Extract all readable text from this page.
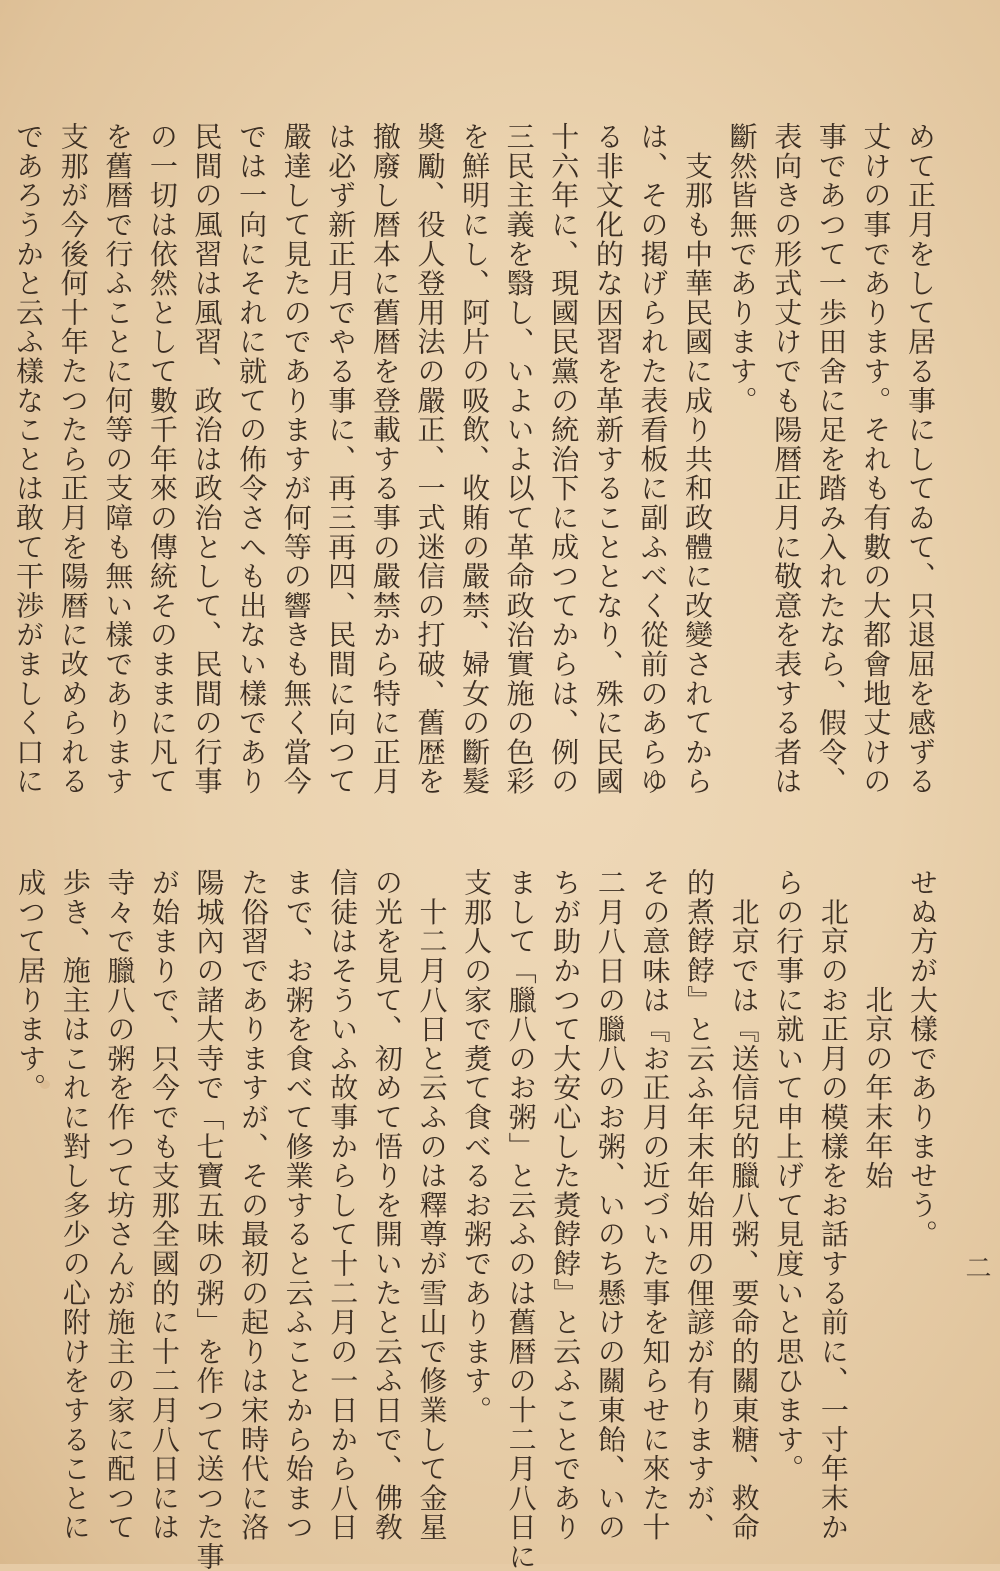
めて正月をして居る事にしてゐて、只退屈を感ずる
丈けの事であります。それも有數の大都會地丈けの
事であつて一歩田舍に足を踏み入れたなら、假令、
表向きの形式丈けでも陽暦正月に敬意を表する者は
斷然皆無であります。
　支那も中華民國に成り共和政體に改變されてから
は、その掲げられた表看板に副ふべく從前のあらゆ
る非文化的な因習を革新することとなり、殊に民國
十六年に、現國民黨の統治下に成つてからは、例の
三民主義を翳し、いよいよ以て革命政治實施の色彩
を鮮明にし、阿片の吸飲、收賄の嚴禁、婦女の斷髮
奬勵、役人登用法の嚴正、一式迷信の打破、舊歴を
撤廢し暦本に舊暦を登載する事の嚴禁から特に正月
は必ず新正月でやる事に、再三再四、民間に向つて
嚴達して見たのでありますが何等の響きも無く當今
では一向にそれに就ての佈令さへも出ない樣であり
民間の風習は風習、政治は政治として、民間の行事
の一切は依然として數千年來の傳統そのままに凡て
を舊暦で行ふことに何等の支障も無い樣であります
支那が今後何十年たつたら正月を陽暦に改められる
であろうかと云ふ樣なことは敢て干渉がましく口に
せぬ方が大樣でありませう。
北京の年末年始
　北京のお正月の模樣をお話する前に、一寸年末か
らの行事に就いて申上げて見度いと思ひます。
　北京では『送信兒的臘八粥、要命的關東糖、救命
的煮餑餑』と云ふ年末年始用の俚諺が有りますが、
その意味は『お正月の近づいた事を知らせに來た十
二月八日の臘八のお粥、いのち懸けの關東飴、いの
ちが助かつて大安心した煑餑餑』と云ふことであり
まして「臘八のお粥」と云ふのは舊暦の十二月八日に
支那人の家で煑て食べるお粥であります。
　十二月八日と云ふのは釋尊が雪山で修業して金星
の光を見て、初めて悟りを開いたと云ふ日で、佛敎
信徒はそういふ故事からして十二月の一日から八日
まで、お粥を食べて修業すると云ふことから始まつ
た俗習でありますが、その最初の起りは宋時代に洛
陽城內の諸大寺で「七寶五味の粥」を作つて送つた事
が始まりで、只今でも支那全國的に十二月八日には
寺々で臘八の粥を作つて坊さんが施主の家に配つて
歩き、施主はこれに對し多少の心附けをすることに
成つて居ります。
二
